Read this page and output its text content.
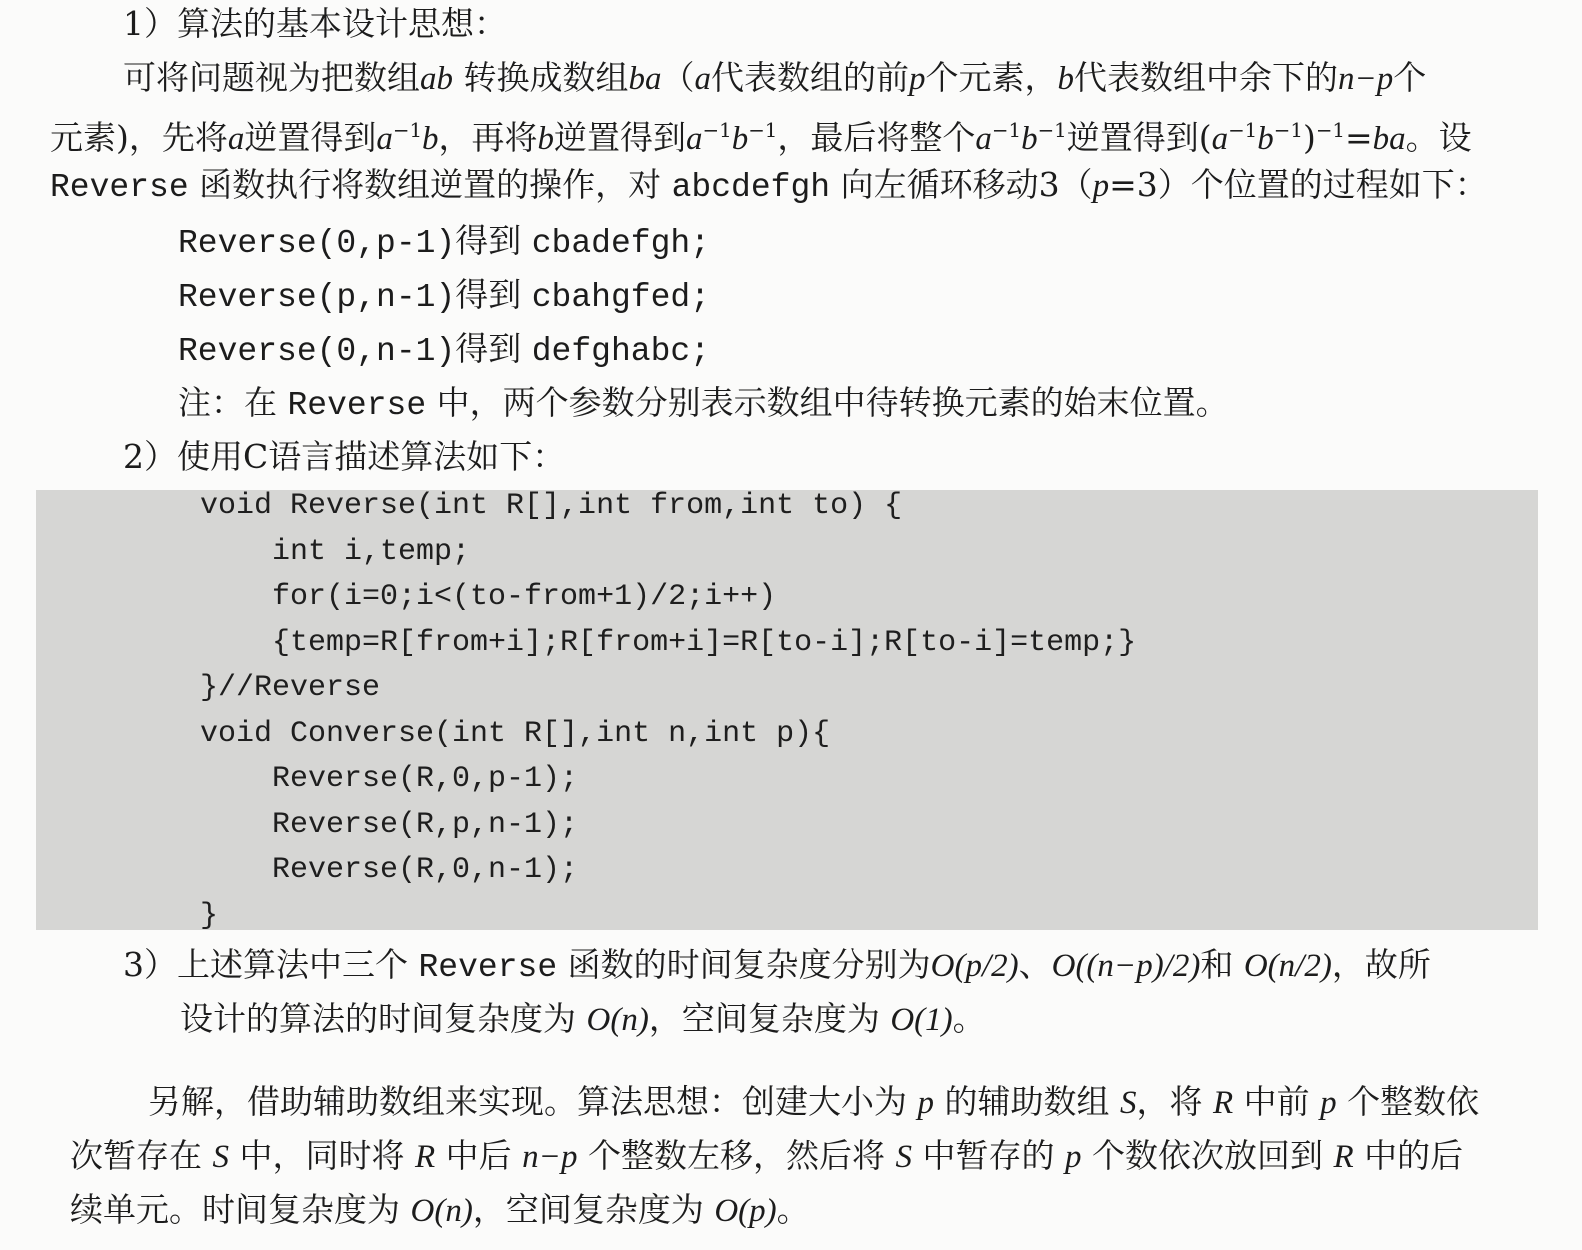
1）算法的基本设计思想：
可将问题视为把数组ab 转换成数组ba（a代表数组的前p个元素，b代表数组中余下的n−p个
元素)，先将a逆置得到$a^{-1}b$，再将b逆置得到$a^{-1}b^{-1}$，最后将整个$a^{-1}b^{-1}$逆置得到$(a^{-1}b^{-1})^{-1}=ba$。设
Reverse 函数执行将数组逆置的操作，对 abcdefgh 向左循环移动3（p=3）个位置的过程如下：
Reverse(0,p-1)得到 cbadefgh;
Reverse(p,n-1)得到 cbahgfed;
Reverse(0,n-1)得到 defghabc;
注：在 Reverse 中，两个参数分别表示数组中待转换元素的始末位置。
2）使用C语言描述算法如下：
void Reverse(int R[],int from,int to) {
int i,temp;
for(i=0;i<(to-from+1)/2;i++)
{temp=R[from+i];R[from+i]=R[to-i];R[to-i]=temp;}
}//Reverse
void Converse(int R[],int n,int p){
Reverse(R,0,p-1);
Reverse(R,p,n-1);
Reverse(R,0,n-1);
}
3）上述算法中三个 Reverse 函数的时间复杂度分别为O(p/2)、O((n−p)/2)和 O(n/2)，故所
设计的算法的时间复杂度为 O(n)，空间复杂度为 O(1)。
另解，借助辅助数组来实现。算法思想：创建大小为 p 的辅助数组 S，将 R 中前 p 个整数依
次暂存在 S 中，同时将 R 中后 n−p 个整数左移，然后将 S 中暂存的 p 个数依次放回到 R 中的后
续单元。时间复杂度为 O(n)，空间复杂度为 O(p)。
